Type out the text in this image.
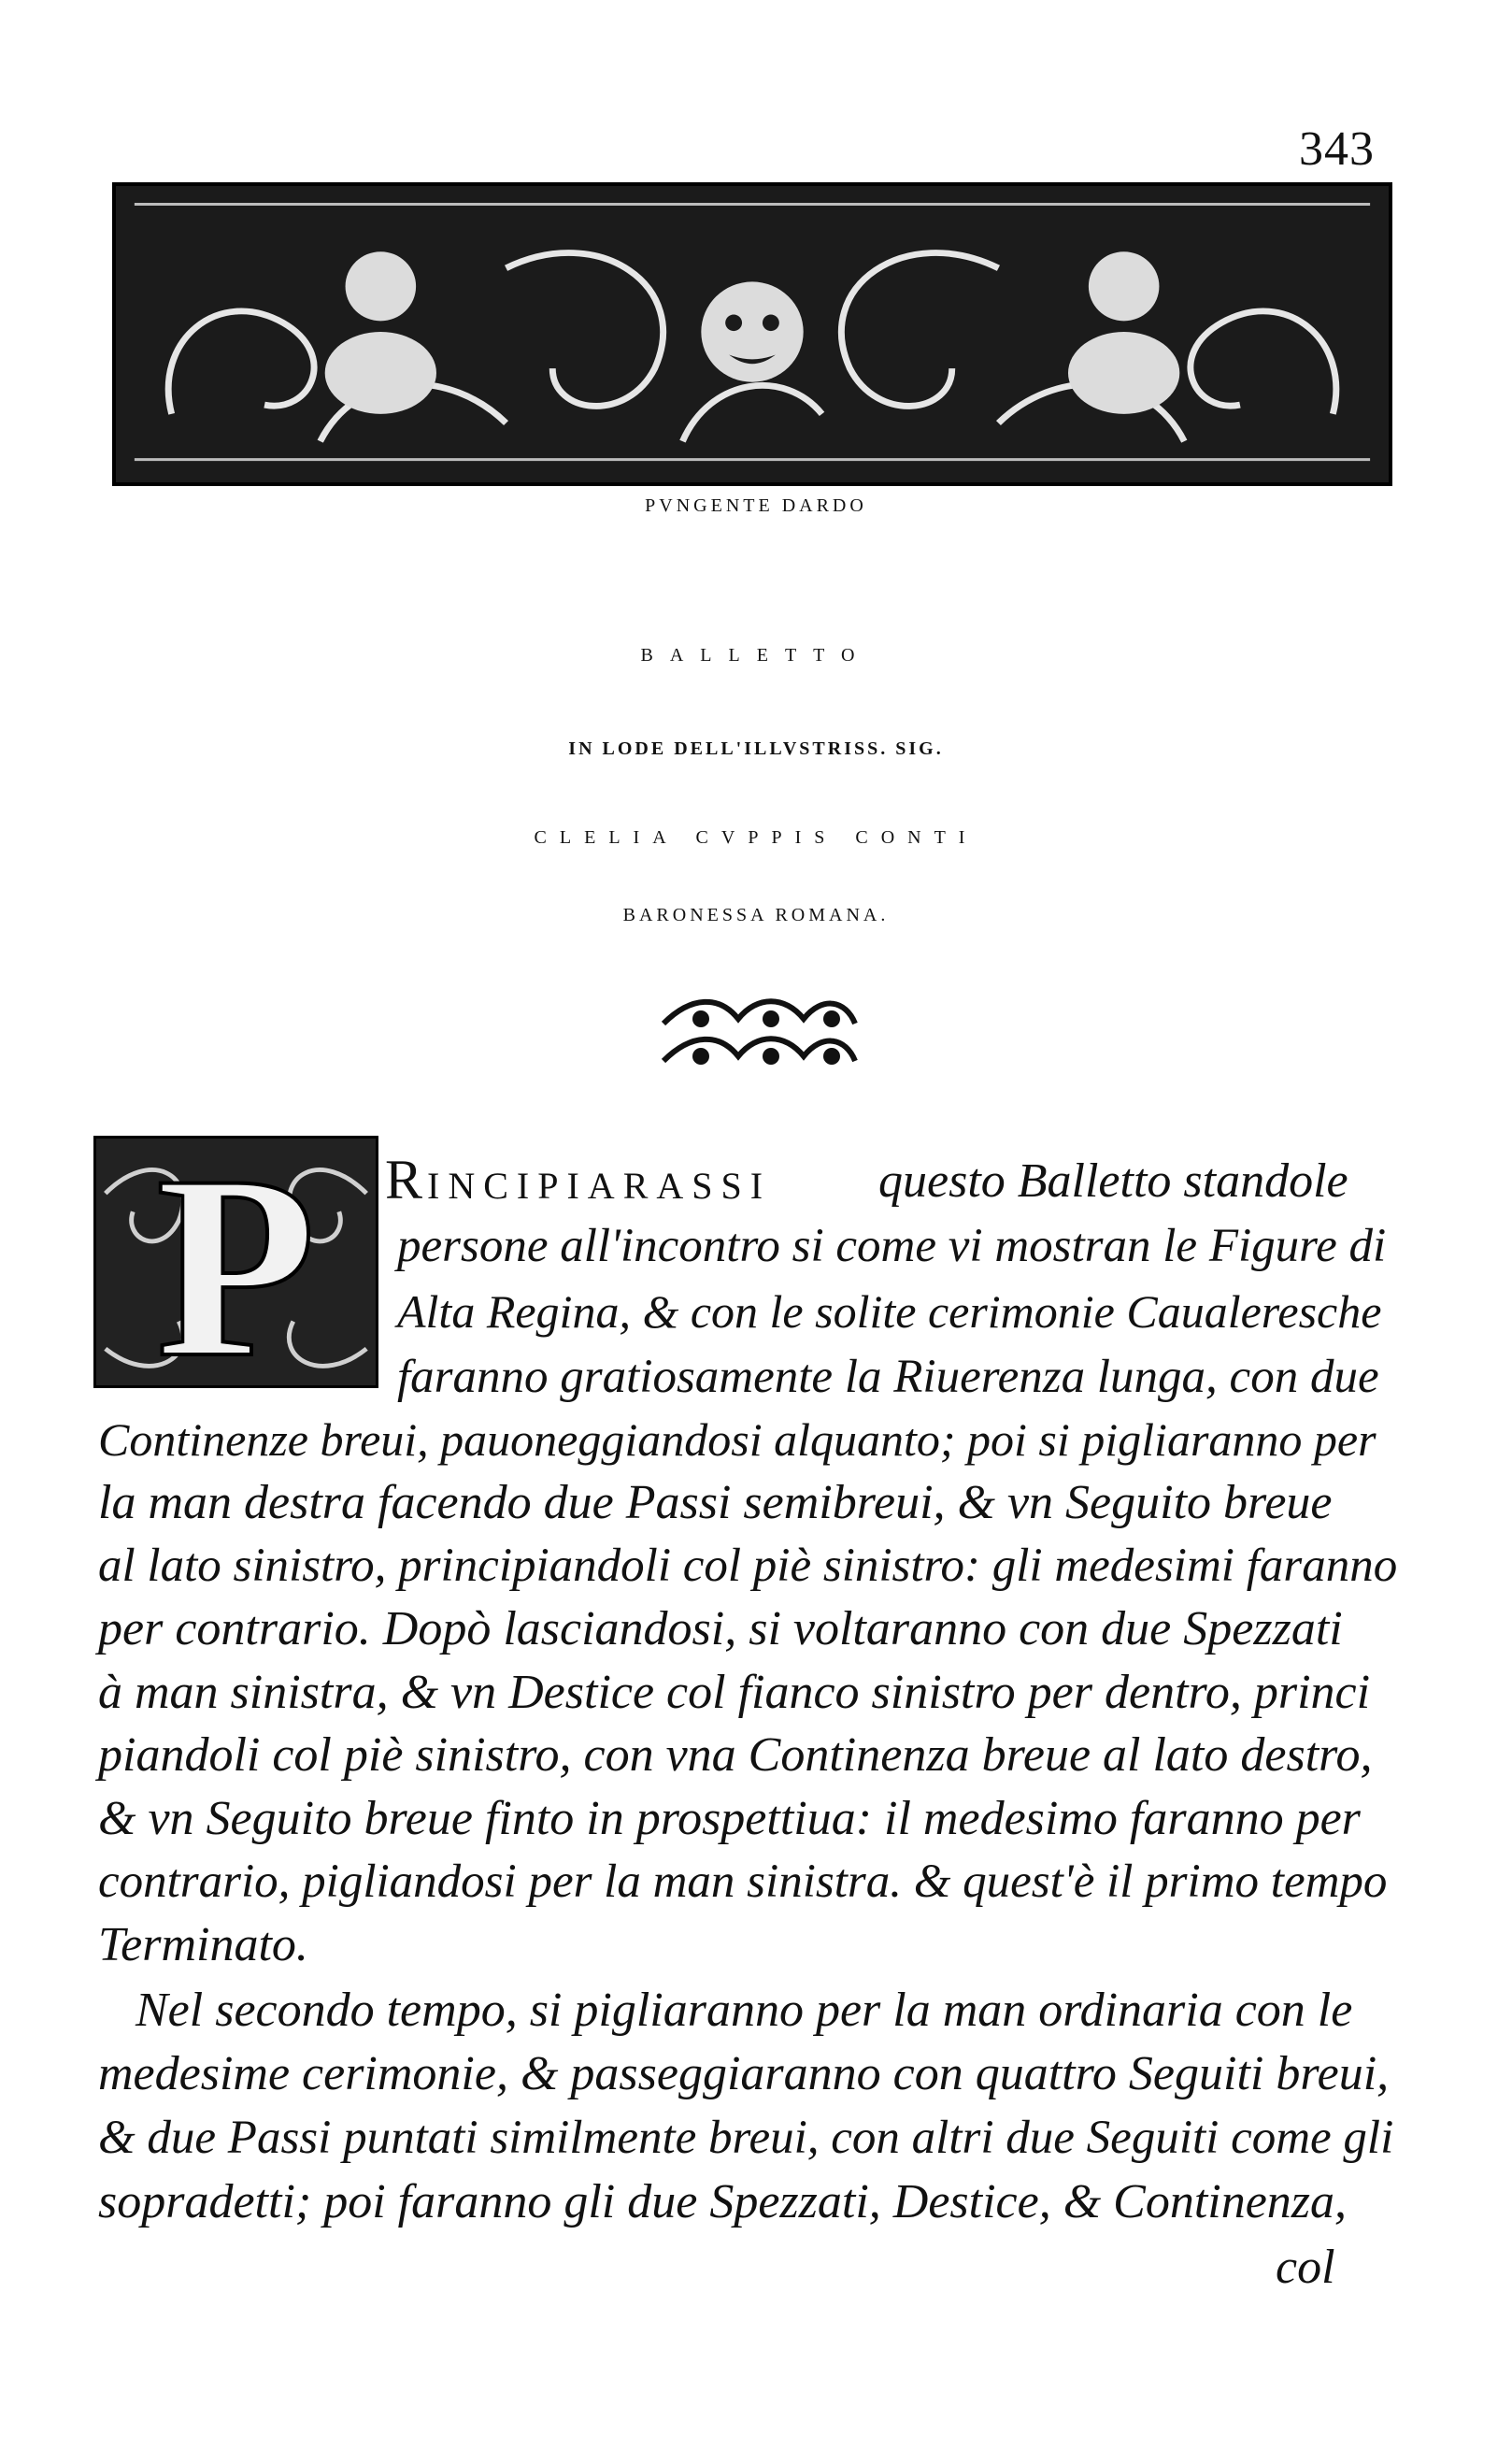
343
PVNGENTE DARDO
BALLETTO
IN LODE DELL'ILLVSTRISS. SIG.
CLELIA CVPPIS CONTI
BARONESSA ROMANA.
P RINCIPIARASSI questo Balletto standole
persone all'incontro si come vi mostran le Figure di
Alta Regina, & con le solite cerimonie Caualeresche
faranno gratiosamente la Riuerenza lunga, con due
Continenze breui, pauoneggiandosi alquanto; poi si pigliaranno per
la man destra facendo due Passi semibreui, & vn Seguito breue
al lato sinistro, principiandoli col piè sinistro: gli medesimi faranno
per contrario. Dopò lasciandosi, si voltaranno con due Spezzati
à man sinistra, & vn Destice col fianco sinistro per dentro, princi
piandoli col piè sinistro, con vna Continenza breue al lato destro,
& vn Seguito breue finto in prospettiua: il medesimo faranno per
contrario, pigliandosi per la man sinistra. & quest'è il primo tempo
Terminato.
Nel secondo tempo, si pigliaranno per la man ordinaria con le
medesime cerimonie, & passeggiaranno con quattro Seguiti breui,
& due Passi puntati similmente breui, con altri due Seguiti come gli
sopradetti; poi faranno gli due Spezzati, Destice, & Continenza,
col
